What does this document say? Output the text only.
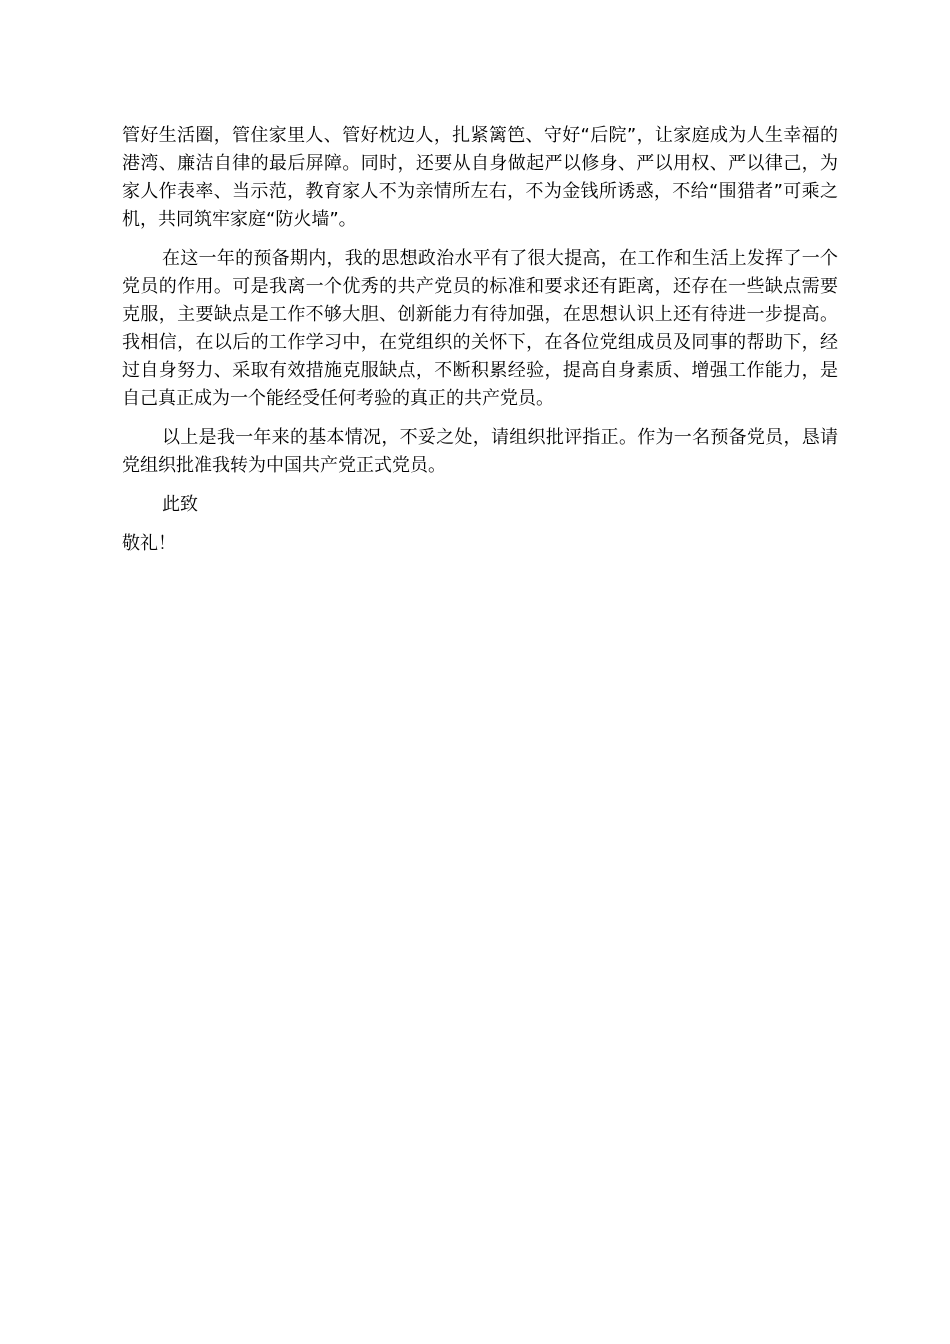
管好生活圈，管住家里人、管好枕边人，扎紧篱笆、守好“后院”，让家庭成为人生幸福的港湾、廉洁自律的最后屏障。同时，还要从自身做起严以修身、严以用权、严以律己，为家人作表率、当示范，教育家人不为亲情所左右，不为金钱所诱惑，不给“围猎者”可乘之机，共同筑牢家庭“防火墙”。

在这一年的预备期内，我的思想政治水平有了很大提高，在工作和生活上发挥了一个党员的作用。可是我离一个优秀的共产党员的标准和要求还有距离，还存在一些缺点需要克服，主要缺点是工作不够大胆、创新能力有待加强，在思想认识上还有待进一步提高。我相信，在以后的工作学习中，在党组织的关怀下，在各位党组成员及同事的帮助下，经过自身努力、采取有效措施克服缺点，不断积累经验，提高自身素质、增强工作能力，是自己真正成为一个能经受任何考验的真正的共产党员。

以上是我一年来的基本情况，不妥之处，请组织批评指正。作为一名预备党员，恳请党组织批准我转为中国共产党正式党员。

此致
敬礼！
